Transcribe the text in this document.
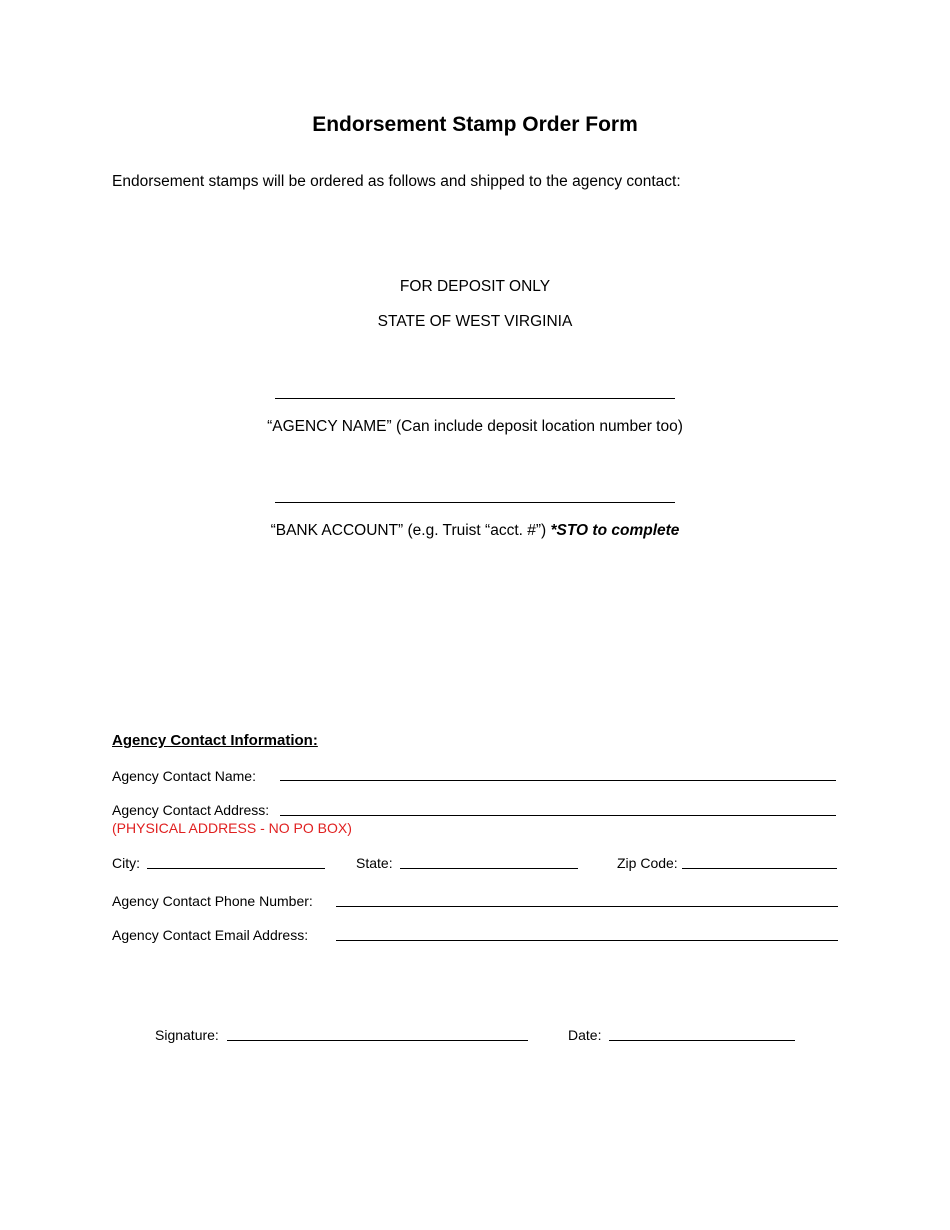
Endorsement Stamp Order Form
Endorsement stamps will be ordered as follows and shipped to the agency contact:
FOR DEPOSIT ONLY
STATE OF WEST VIRGINIA
“AGENCY NAME” (Can include deposit location number too)
“BANK ACCOUNT” (e.g. Truist “acct. #”) *STO to complete
Agency Contact Information:
Agency Contact Name:
Agency Contact Address:
(PHYSICAL ADDRESS - NO PO BOX)
City:	State:	Zip Code:
Agency Contact Phone Number:
Agency Contact Email Address:
Signature:	Date:
